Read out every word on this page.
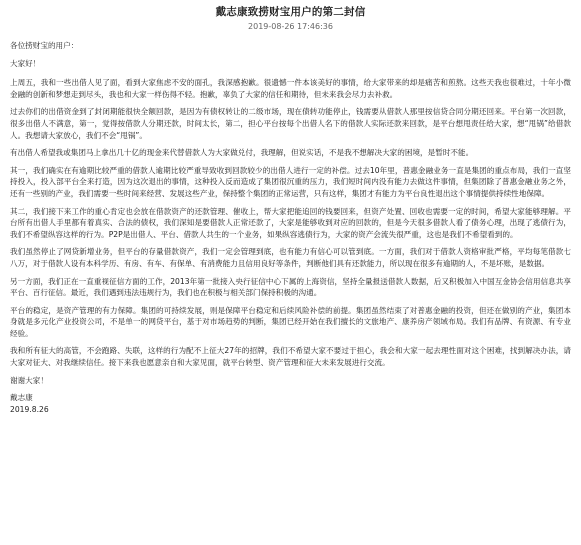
戴志康致捞财宝用户的第二封信
2019-08-26 17:46:36

各位捞财宝的用户：

大家好！

上周五，我和一些出借人见了面，看到大家焦虑不安的面孔，我深感抱歉。很遗憾一件本该美好的事情，给大家带来的却是痛苦和煎熬。这些天我也很难过，十年小微金融的创新和梦想走到尽头，我也和大家一样伤得不轻。抱歉，辜负了大家的信任和期待，但未来我会尽力去补救。

过去你们的出借资金到了封闭期能很快全额回款，是因为有债权转让的二级市场，现在债转功能停止，钱需要从借款人那里按信贷合同分期还回来。平台第一次回款，很多出借人不满意，第一，觉得按借款人分期还款，时间太长，第二，担心平台按每个出借人名下的借款人实际还款来回款，是平台想甩责任给大家，想“甩锅”给借款人。我想请大家放心，我们不会“甩锅”。

有出借人希望我或集团马上拿出几十亿的现金来代替借款人为大家做兑付，我理解，但说实话，不是我不想解决大家的困境，是暂时不能。

其一，我们确实在有逾期比较严重的借款人逾期比较严重导致收到回款较少的出借人进行一定的补偿。过去10年里，普惠金融业务一直是集团的重点布局，我们一直坚持投入，投入部平台全来打造，因为这次退出的事情，这种投入反而造成了集团很沉重的压力，我们短时间内没有能力去做这件事情，但集团除了普惠金融业务之外，还有一些别的产业，我们需要一些时间来经营、发展这些产业，保持整个集团的正常运营，只有这样，集团才有能力为平台良性退出这个事情提供持续性地保障。

其二，我们接下来工作的重心肯定也会放在借款资产的还款管理、催收上，帮大家把能追回的钱要回来，但资产处置、回收也需要一定的时间，希望大家能够理解。平台所有出借人手里都有着真实、合法的债权，我们深知是要借款人正常还款了，大家是能够收到对应的回款的，但是今天很多借款人看了债务心理，出现了逃债行为，我们不希望纵容这样的行为。P2P是出借人、平台、借款人共生的一个业务，如果纵容逃债行为，大家的资产会流失很严重，这也是我们不希望看到的。

我们虽然停止了网贷新增业务，但平台的存量借款资产，我们一定会管理到底，也有能力有信心可以管到底。一方面，我们对于借款人资格审批严格，平均每笔借款七八万，对于借款人设有本科学历、有房、有车、有保单、有消费能力且信用良好等条件，判断他们具有还款能力，所以现在很多有逾期的人，不是坏账，是数据。

另一方面，我们正在一直重视征信方面的工作，2013年第一批接入央行征信中心下属的上海资信，坚持全量报送借款人数据，后又积极加入中国互金协会信用信息共享平台、百行征信。最近，我们遇到违法违规行为，我们也在积极与相关部门保持积极的沟通。

平台的稳定，是资产管理的有力保障。集团的可持续发展，则是保障平台稳定和后续风险补偿的前提。集团虽然结束了对普惠金融的投资，但还在做别的产业，集团本身就是多元化产业投资公司，不是单一的网贷平台，基于对市场趋势的判断，集团已经开始在我们擅长的文旅地产、康养房产领域布局。我们有品牌、有资源、有专业经验。

我和所有征大的高管，不会跑路、失联，这样的行为配不上征大27年的招牌，我们不希望大家不要过于担心，我会和大家一起去理性面对这个困难，找到解决办法，请大家对征大、对我继续信任。接下来我也愿意亲自和大家见面，就平台转型、资产管理和征大未来发展进行交流。

谢谢大家！

戴志康

2019.8.26
